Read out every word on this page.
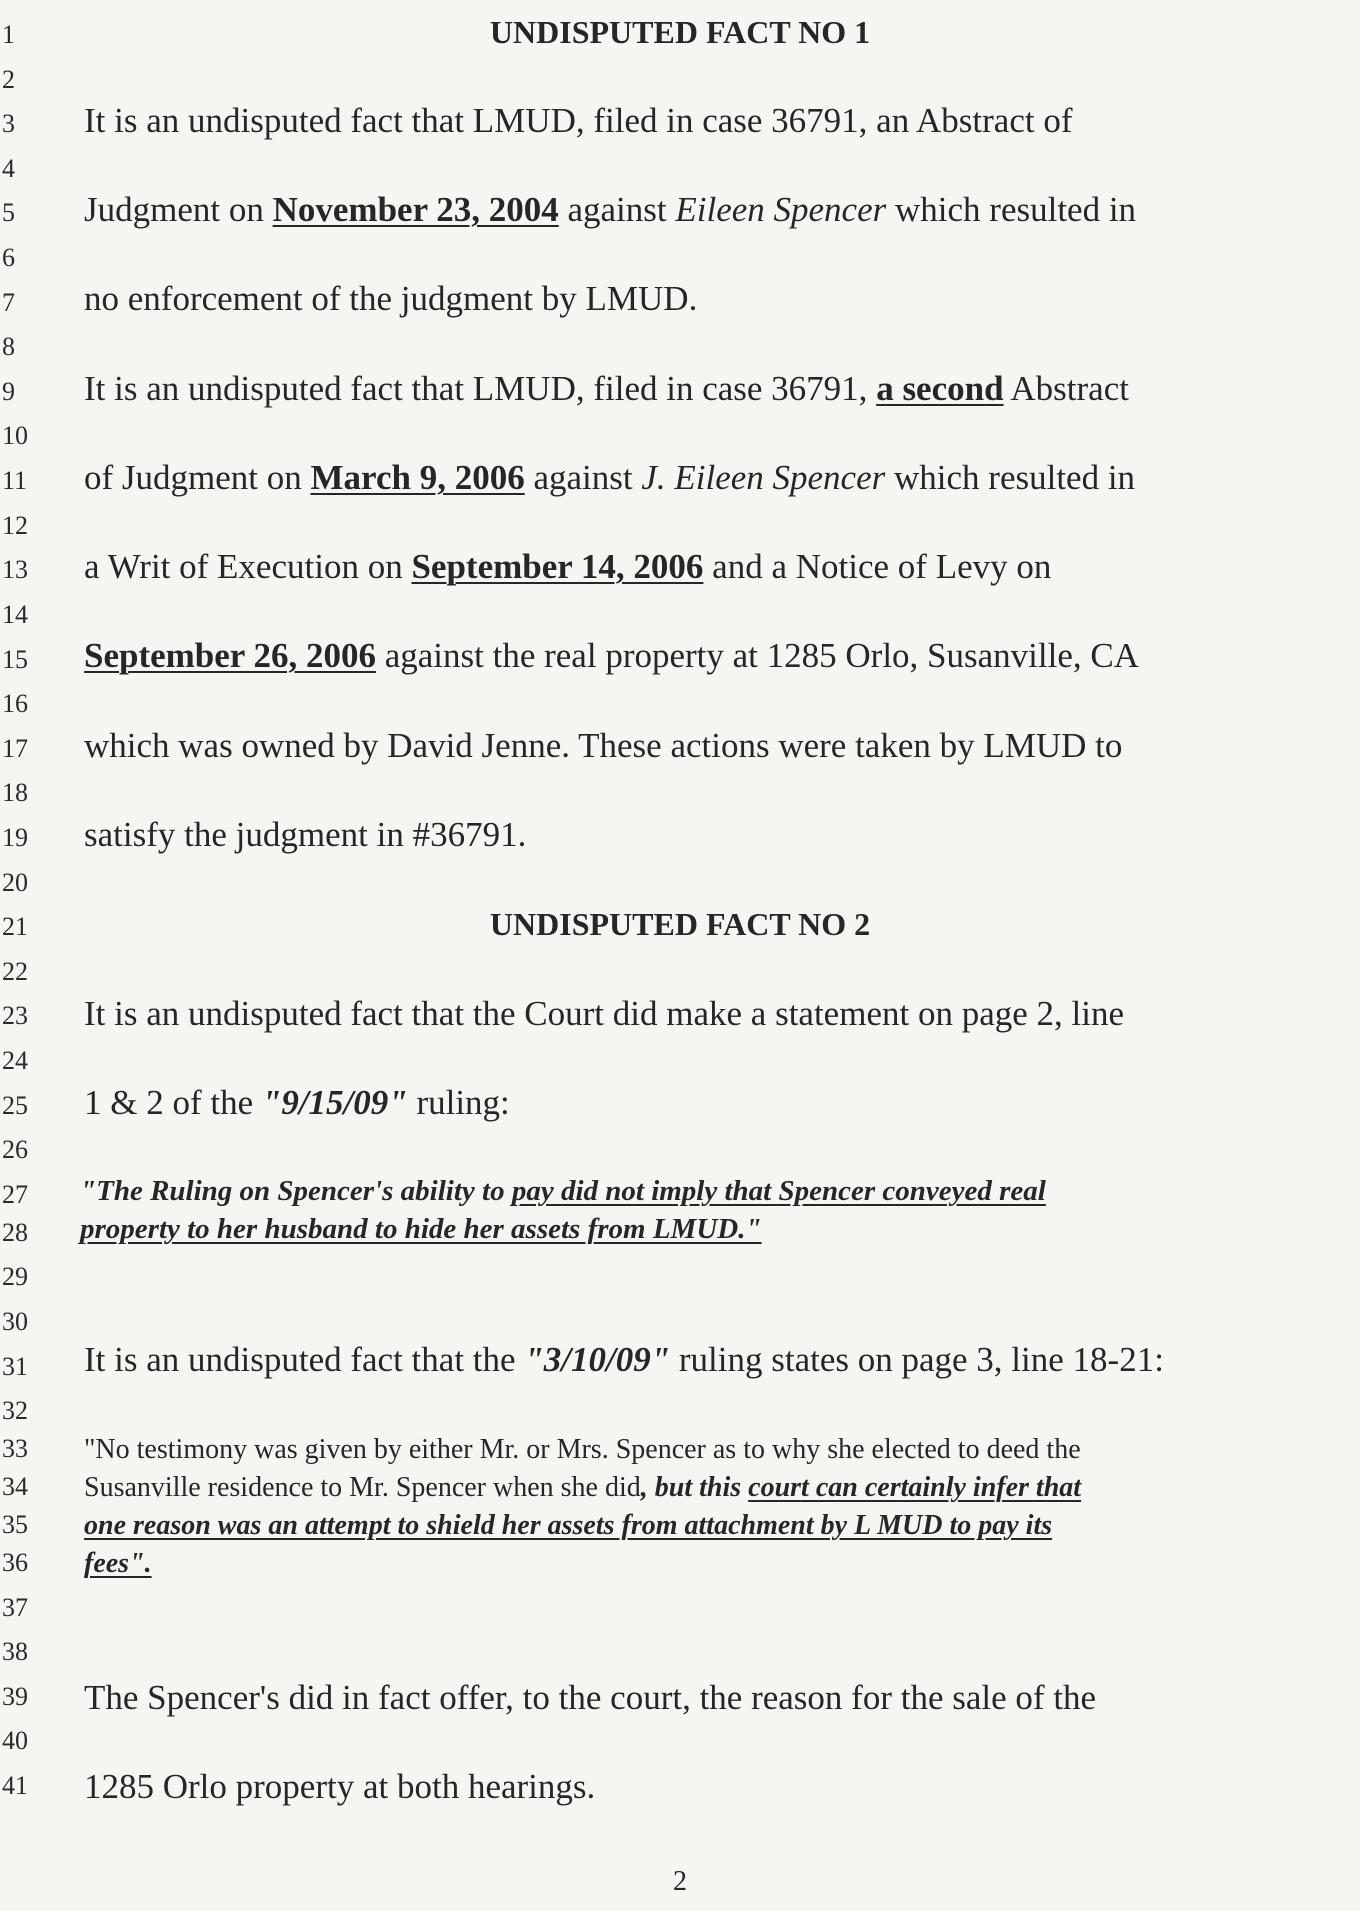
1
2
3
4
5
6
7
8
9
10
11
12
13
14
15
16
17
18
19
20
21
22
23
24
25
26
27
28
29
30
31
32
33
34
35
36
37
38
39
40
41
UNDISPUTED FACT NO 1
It is an undisputed fact that LMUD, filed in case 36791, an Abstract of
Judgment on November 23, 2004 against Eileen Spencer which resulted in
no enforcement of the judgment by LMUD.
It is an undisputed fact that LMUD, filed in case 36791, a second Abstract
of Judgment on March 9, 2006 against J. Eileen Spencer which resulted in
a Writ of Execution on September 14, 2006 and a Notice of Levy on
September 26, 2006 against the real property at 1285 Orlo, Susanville, CA
which was owned by David Jenne. These actions were taken by LMUD to
satisfy the judgment in #36791.
UNDISPUTED FACT NO 2
It is an undisputed fact that the Court did make a statement on page 2, line
1 & 2 of the "9/15/09" ruling:
"The Ruling on Spencer's ability to pay did not imply that Spencer conveyed real
property to her husband to hide her assets from LMUD."
It is an undisputed fact that the "3/10/09" ruling states on page 3, line 18-21:
"No testimony was given by either Mr. or Mrs. Spencer as to why she elected to deed the
Susanville residence to Mr. Spencer when she did, but this court can certainly infer that
one reason was an attempt to shield her assets from attachment by L MUD to pay its
fees".
The Spencer's did in fact offer, to the court, the reason for the sale of the
1285 Orlo property at both hearings.
2
